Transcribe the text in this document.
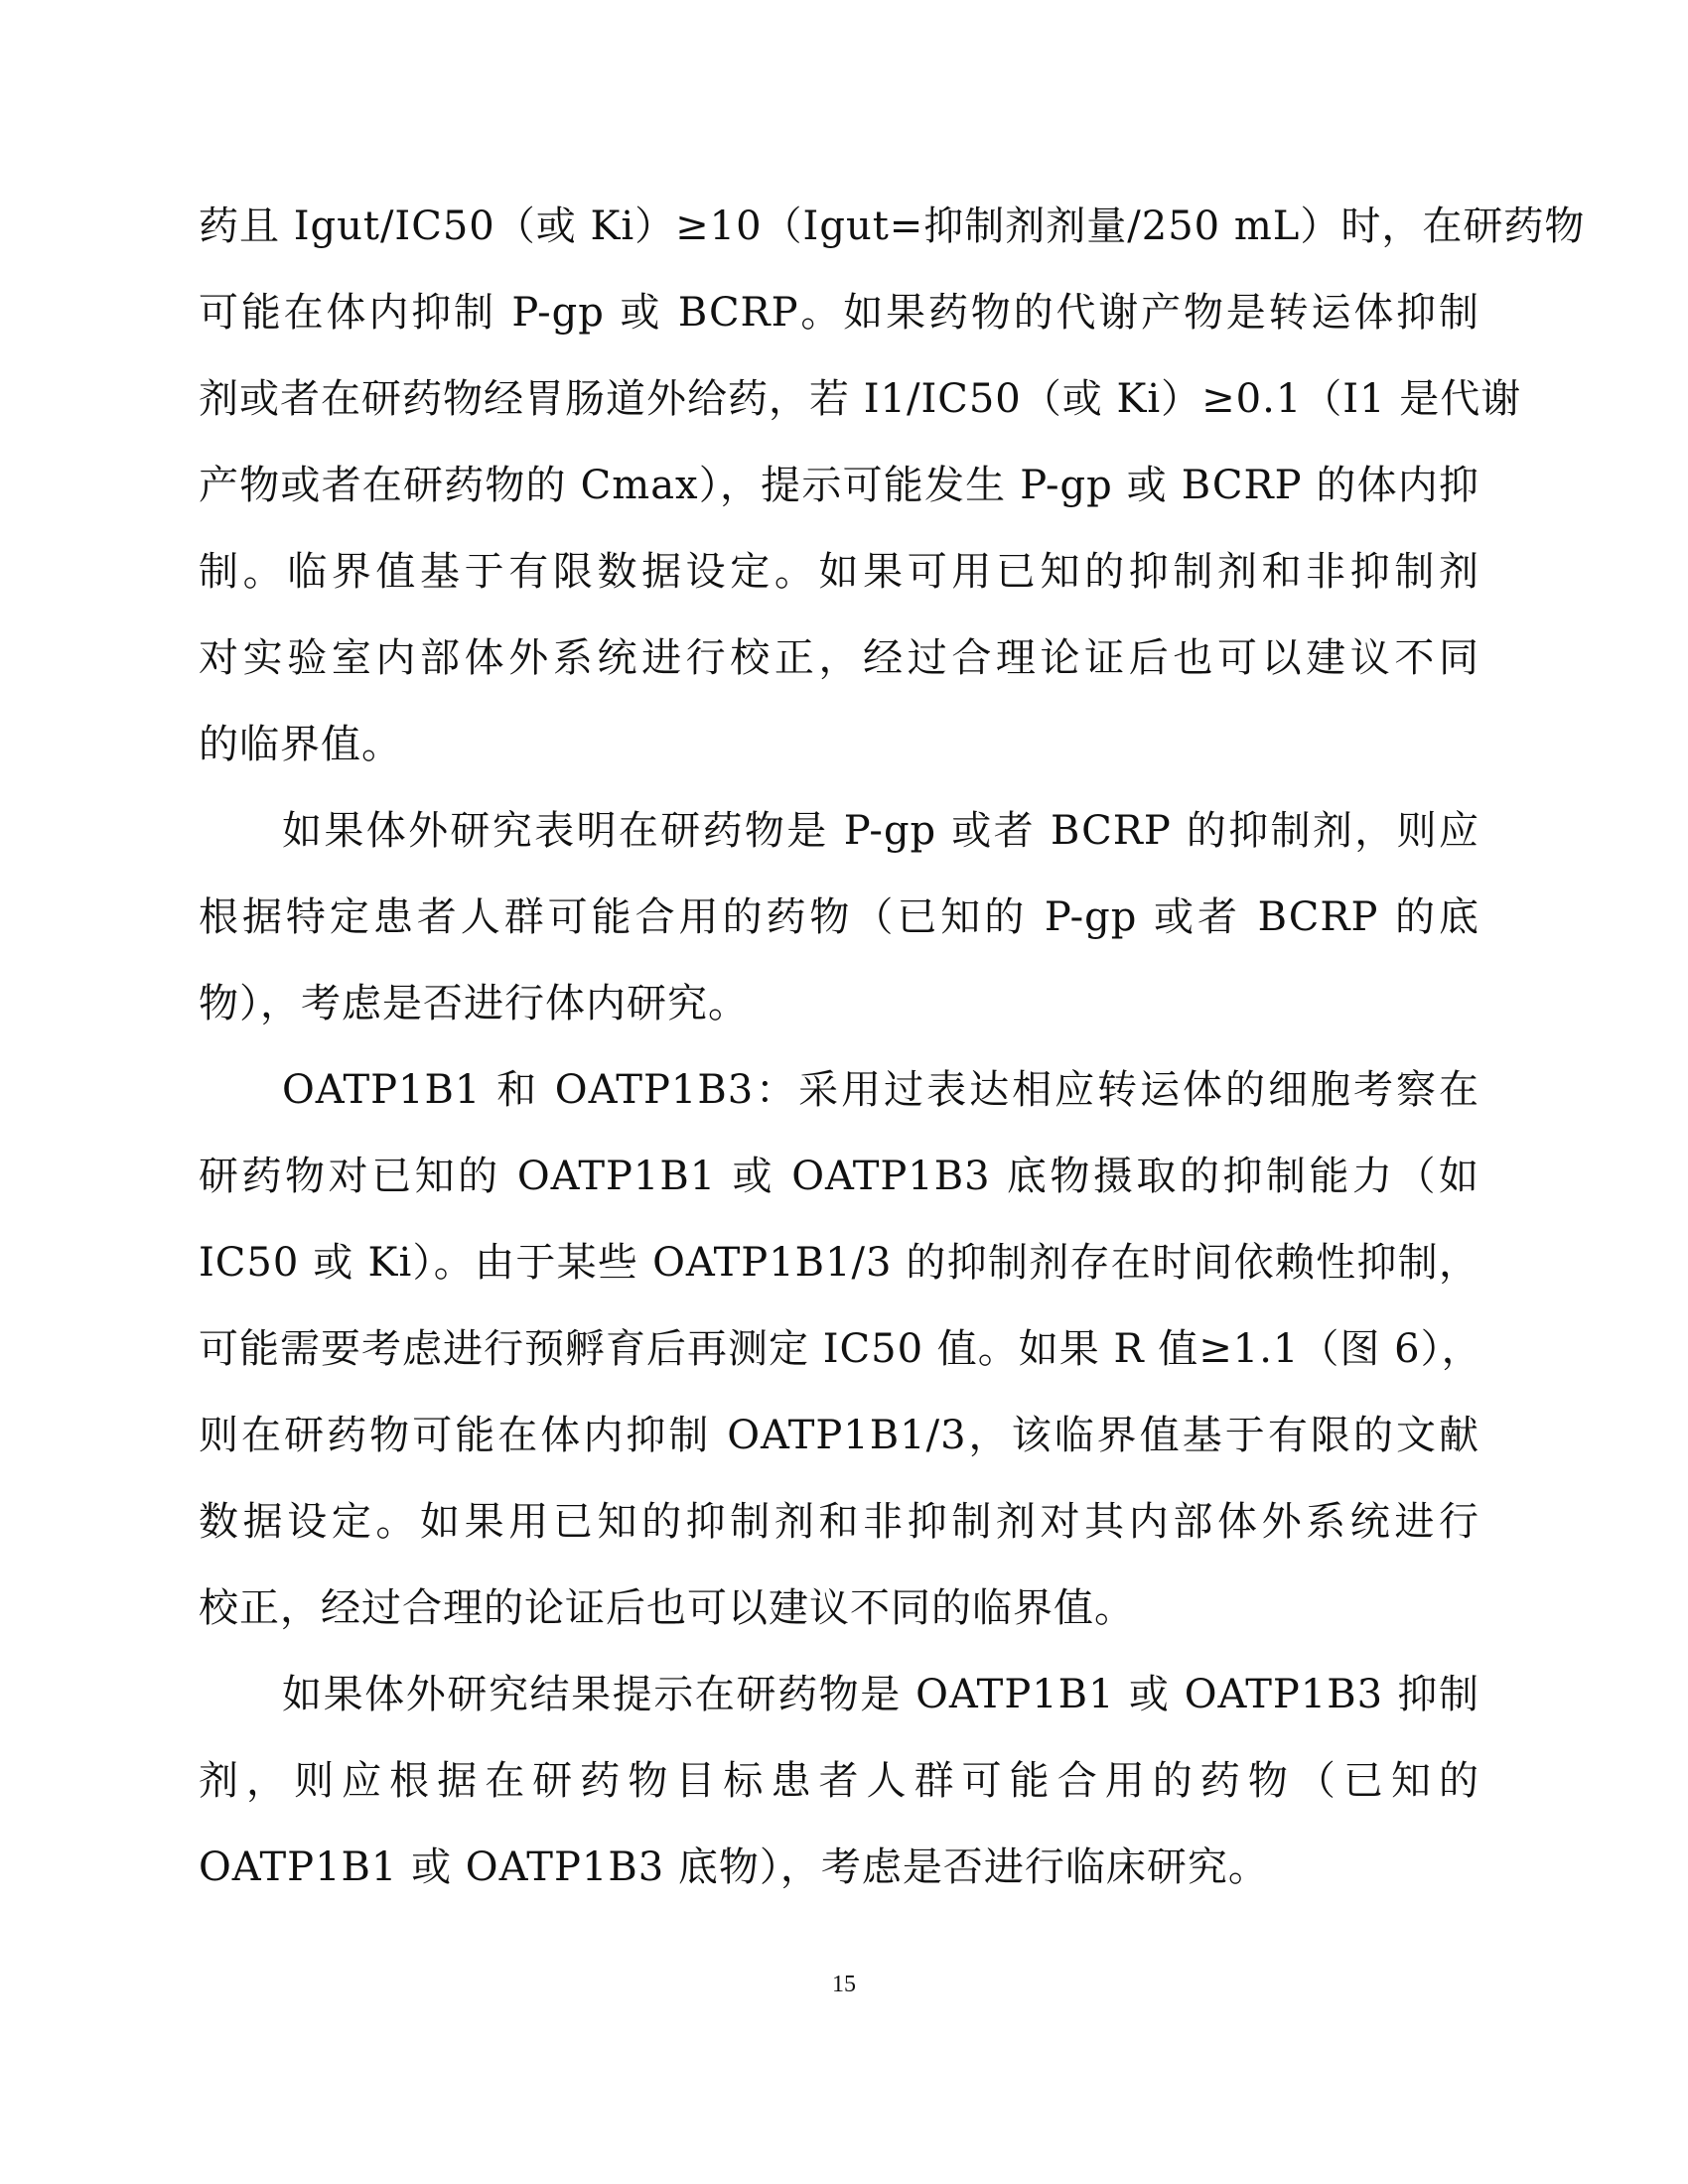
药且 Igut/IC50（或 Ki）≥10（Igut=抑制剂剂量/250 mL）时，在研药物
可能在体内抑制 P-gp 或 BCRP。如果药物的代谢产物是转运体抑制
剂或者在研药物经胃肠道外给药，若 I1/IC50（或 Ki）≥0.1（I1 是代谢
产物或者在研药物的 Cmax），提示可能发生 P-gp 或 BCRP 的体内抑
制。临界值基于有限数据设定。如果可用已知的抑制剂和非抑制剂
对实验室内部体外系统进行校正，经过合理论证后也可以建议不同
的临界值。
如果体外研究表明在研药物是 P-gp 或者 BCRP 的抑制剂，则应
根据特定患者人群可能合用的药物（已知的 P-gp 或者 BCRP 的底
物），考虑是否进行体内研究。
OATP1B1 和 OATP1B3：采用过表达相应转运体的细胞考察在
研药物对已知的 OATP1B1 或 OATP1B3 底物摄取的抑制能力（如
IC50 或 Ki）。由于某些 OATP1B1/3 的抑制剂存在时间依赖性抑制，
可能需要考虑进行预孵育后再测定 IC50 值。如果 R 值≥1.1（图 6），
则在研药物可能在体内抑制 OATP1B1/3，该临界值基于有限的文献
数据设定。如果用已知的抑制剂和非抑制剂对其内部体外系统进行
校正，经过合理的论证后也可以建议不同的临界值。
如果体外研究结果提示在研药物是 OATP1B1 或 OATP1B3 抑制
剂，则应根据在研药物目标患者人群可能合用的药物（已知的
OATP1B1 或 OATP1B3 底物），考虑是否进行临床研究。
15
